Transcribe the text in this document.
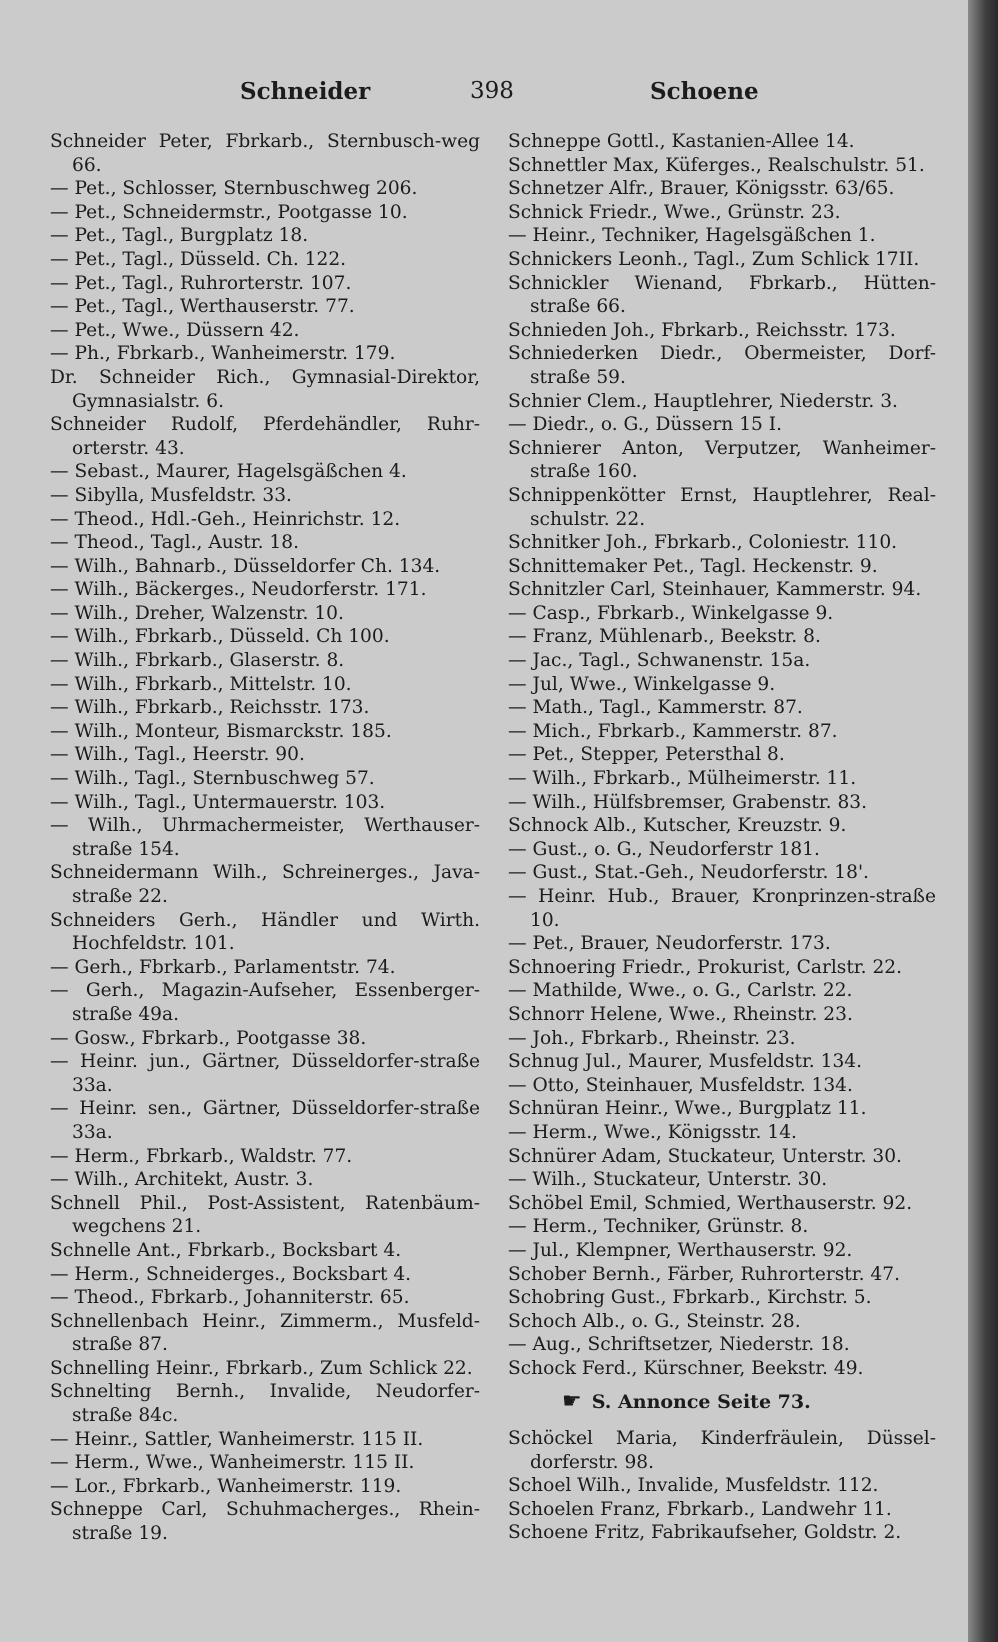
Schneider	398	Schoene

Schneider Peter, Fbrkarb., Sternbusch-weg 66.

— Pet., Schlosser, Sternbuschweg 206.

— Pet., Schneidermstr., Pootgasse 10.

— Pet., Tagl., Burgplatz 18.

— Pet., Tagl., Düsseld. Ch. 122.

— Pet., Tagl., Ruhrorterstr. 107.

— Pet., Tagl., Werthauserstr. 77.

— Pet., Wwe., Düssern 42.

— Ph., Fbrkarb., Wanheimerstr. 179.

Dr. Schneider Rich., Gymnasial-Direktor, Gymnasialstr. 6.

Schneider Rudolf, Pferdehändler, Ruhr-orterstr. 43.

— Sebast., Maurer, Hagelsgäßchen 4.

— Sibylla, Musfeldstr. 33.

— Theod., Hdl.-Geh., Heinrichstr. 12.

— Theod., Tagl., Austr. 18.

— Wilh., Bahnarb., Düsseldorfer Ch. 134.

— Wilh., Bäckerges., Neudorferstr. 171.

— Wilh., Dreher, Walzenstr. 10.

— Wilh., Fbrkarb., Düsseld. Ch 100.

— Wilh., Fbrkarb., Glaserstr. 8.

— Wilh., Fbrkarb., Mittelstr. 10.

— Wilh., Fbrkarb., Reichsstr. 173.

— Wilh., Monteur, Bismarckstr. 185.

— Wilh., Tagl., Heerstr. 90.

— Wilh., Tagl., Sternbuschweg 57.

— Wilh., Tagl., Untermauerstr. 103.

— Wilh., Uhrmachermeister, Werthauser-straße 154.

Schneidermann Wilh., Schreinerges., Java-straße 22.

Schneiders Gerh., Händler und Wirth. Hochfeldstr. 101.

— Gerh., Fbrkarb., Parlamentstr. 74.

— Gerh., Magazin-Aufseher, Essenberger-straße 49a.

— Gosw., Fbrkarb., Pootgasse 38.

— Heinr. jun., Gärtner, Düsseldorfer-straße 33a.

— Heinr. sen., Gärtner, Düsseldorfer-straße 33a.

— Herm., Fbrkarb., Waldstr. 77.

— Wilh., Architekt, Austr. 3.

Schnell Phil., Post-Assistent, Ratenbäum-wegchens 21.

Schnelle Ant., Fbrkarb., Bocksbart 4.

— Herm., Schneiderges., Bocksbart 4.

— Theod., Fbrkarb., Johanniterstr. 65.

Schnellenbach Heinr., Zimmerm., Musfeld-straße 87.

Schnelling Heinr., Fbrkarb., Zum Schlick 22.

Schnelting Bernh., Invalide, Neudorfer-straße 84c.

— Heinr., Sattler, Wanheimerstr. 115 II.

— Herm., Wwe., Wanheimerstr. 115 II.

— Lor., Fbrkarb., Wanheimerstr. 119.

Schneppe Carl, Schuhmacherges., Rhein-straße 19.

Schneppe Gottl., Kastanien-Allee 14.

Schnettler Max, Küferges., Realschulstr. 51.

Schnetzer Alfr., Brauer, Königsstr. 63/65.

Schnick Friedr., Wwe., Grünstr. 23.

— Heinr., Techniker, Hagelsgäßchen 1.

Schnickers Leonh., Tagl., Zum Schlick 17II.

Schnickler Wienand, Fbrkarb., Hütten-straße 66.

Schnieden Joh., Fbrkarb., Reichsstr. 173.

Schniederken Diedr., Obermeister, Dorf-straße 59.

Schnier Clem., Hauptlehrer, Niederstr. 3.

— Diedr., o. G., Düssern 15 I.

Schnierer Anton, Verputzer, Wanheimer-straße 160.

Schnippenkötter Ernst, Hauptlehrer, Real-schulstr. 22.

Schnitker Joh., Fbrkarb., Coloniestr. 110.

Schnittemaker Pet., Tagl. Heckenstr. 9.

Schnitzler Carl, Steinhauer, Kammerstr. 94.

— Casp., Fbrkarb., Winkelgasse 9.

— Franz, Mühlenarb., Beekstr. 8.

— Jac., Tagl., Schwanenstr. 15a.

— Jul, Wwe., Winkelgasse 9.

— Math., Tagl., Kammerstr. 87.

— Mich., Fbrkarb., Kammerstr. 87.

— Pet., Stepper, Petersthal 8.

— Wilh., Fbrkarb., Mülheimerstr. 11.

— Wilh., Hülfsbremser, Grabenstr. 83.

Schnock Alb., Kutscher, Kreuzstr. 9.

— Gust., o. G., Neudorferstr 181.

— Gust., Stat.-Geh., Neudorferstr. 18'.

— Heinr. Hub., Brauer, Kronprinzen-straße 10.

— Pet., Brauer, Neudorferstr. 173.

Schnoering Friedr., Prokurist, Carlstr. 22.

— Mathilde, Wwe., o. G., Carlstr. 22.

Schnorr Helene, Wwe., Rheinstr. 23.

— Joh., Fbrkarb., Rheinstr. 23.

Schnug Jul., Maurer, Musfeldstr. 134.

— Otto, Steinhauer, Musfeldstr. 134.

Schnüran Heinr., Wwe., Burgplatz 11.

— Herm., Wwe., Königsstr. 14.

Schnürer Adam, Stuckateur, Unterstr. 30.

— Wilh., Stuckateur, Unterstr. 30.

Schöbel Emil, Schmied, Werthauserstr. 92.

— Herm., Techniker, Grünstr. 8.

— Jul., Klempner, Werthauserstr. 92.

Schober Bernh., Färber, Ruhrorterstr. 47.

Schobring Gust., Fbrkarb., Kirchstr. 5.

Schoch Alb., o. G., Steinstr. 28.

— Aug., Schriftsetzer, Niederstr. 18.

Schock Ferd., Kürschner, Beekstr. 49.

☛ S. Annonce Seite 73.

Schöckel Maria, Kinderfräulein, Düssel-dorferstr. 98.

Schoel Wilh., Invalide, Musfeldstr. 112.

Schoelen Franz, Fbrkarb., Landwehr 11.

Schoene Fritz, Fabrikaufseher, Goldstr. 2.
